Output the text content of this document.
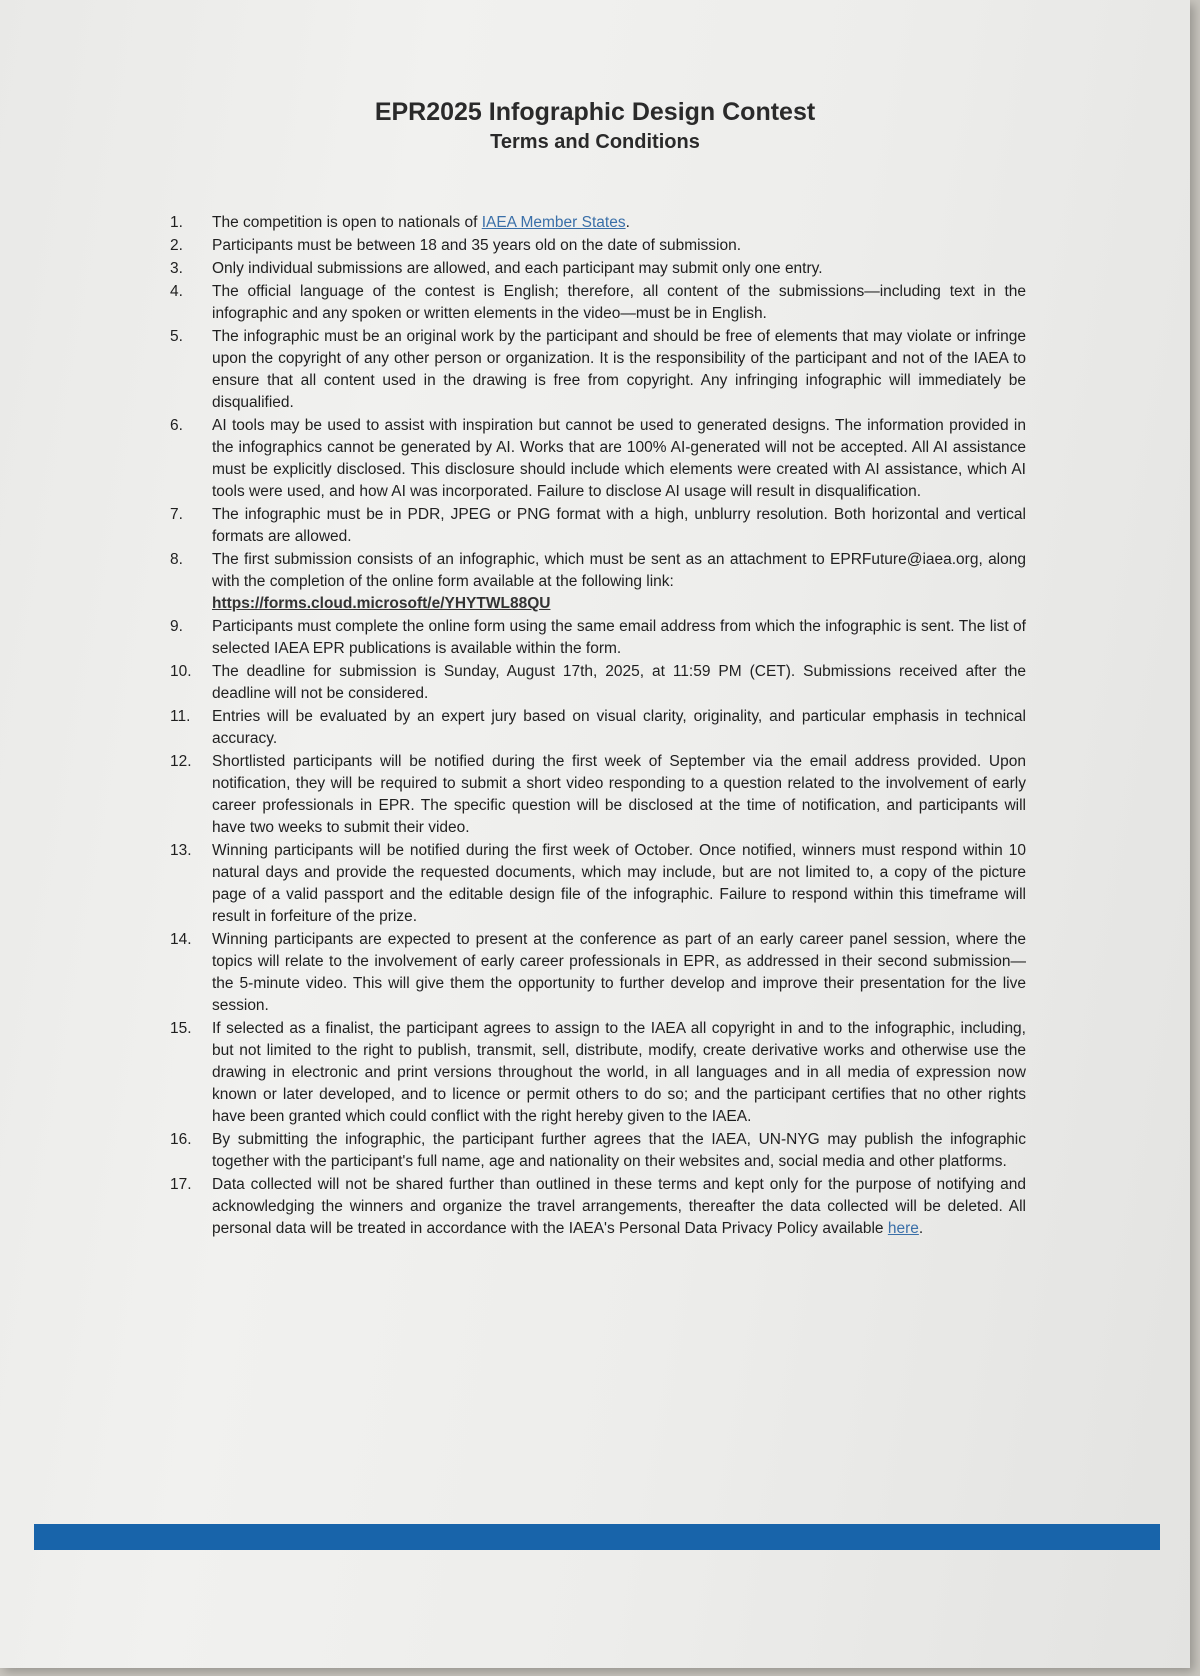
EPR2025 Infographic Design Contest
Terms and Conditions
1.	The competition is open to nationals of IAEA Member States.
2.	Participants must be between 18 and 35 years old on the date of submission.
3.	Only individual submissions are allowed, and each participant may submit only one entry.
4.	The official language of the contest is English; therefore, all content of the submissions—including text in the infographic and any spoken or written elements in the video—must be in English.
5.	The infographic must be an original work by the participant and should be free of elements that may violate or infringe upon the copyright of any other person or organization. It is the responsibility of the participant and not of the IAEA to ensure that all content used in the drawing is free from copyright. Any infringing infographic will immediately be disqualified.
6.	AI tools may be used to assist with inspiration but cannot be used to generated designs. The information provided in the infographics cannot be generated by AI. Works that are 100% AI-generated will not be accepted. All AI assistance must be explicitly disclosed. This disclosure should include which elements were created with AI assistance, which AI tools were used, and how AI was incorporated. Failure to disclose AI usage will result in disqualification.
7.	The infographic must be in PDR, JPEG or PNG format with a high, unblurry resolution. Both horizontal and vertical formats are allowed.
8.	The first submission consists of an infographic, which must be sent as an attachment to EPRFuture@iaea.org, along with the completion of the online form available at the following link:
https://forms.cloud.microsoft/e/YHYTWL88QU
9.	Participants must complete the online form using the same email address from which the infographic is sent. The list of selected IAEA EPR publications is available within the form.
10.	The deadline for submission is Sunday, August 17th, 2025, at 11:59 PM (CET). Submissions received after the deadline will not be considered.
11.	Entries will be evaluated by an expert jury based on visual clarity, originality, and particular emphasis in technical accuracy.
12.	Shortlisted participants will be notified during the first week of September via the email address provided. Upon notification, they will be required to submit a short video responding to a question related to the involvement of early career professionals in EPR. The specific question will be disclosed at the time of notification, and participants will have two weeks to submit their video.
13.	Winning participants will be notified during the first week of October. Once notified, winners must respond within 10 natural days and provide the requested documents, which may include, but are not limited to, a copy of the picture page of a valid passport and the editable design file of the infographic. Failure to respond within this timeframe will result in forfeiture of the prize.
14.	Winning participants are expected to present at the conference as part of an early career panel session, where the topics will relate to the involvement of early career professionals in EPR, as addressed in their second submission—the 5-minute video. This will give them the opportunity to further develop and improve their presentation for the live session.
15.	If selected as a finalist, the participant agrees to assign to the IAEA all copyright in and to the infographic, including, but not limited to the right to publish, transmit, sell, distribute, modify, create derivative works and otherwise use the drawing in electronic and print versions throughout the world, in all languages and in all media of expression now known or later developed, and to licence or permit others to do so; and the participant certifies that no other rights have been granted which could conflict with the right hereby given to the IAEA.
16.	By submitting the infographic, the participant further agrees that the IAEA, UN-NYG may publish the infographic together with the participant's full name, age and nationality on their websites and, social media and other platforms.
17.	Data collected will not be shared further than outlined in these terms and kept only for the purpose of notifying and acknowledging the winners and organize the travel arrangements, thereafter the data collected will be deleted. All personal data will be treated in accordance with the IAEA's Personal Data Privacy Policy available here.
